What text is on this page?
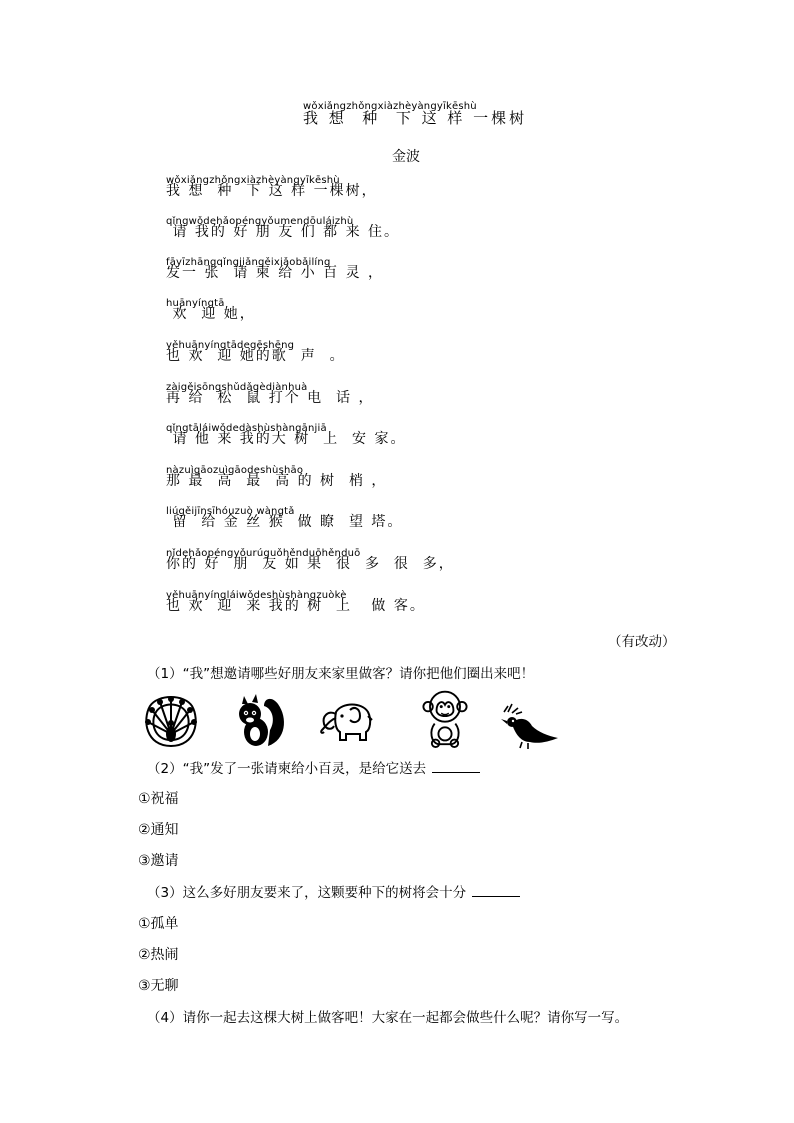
wǒxiǎngzhǒngxiàzhèyàngyīkēshù
我 想  种  下 这 样 一棵树
金波
wǒxiǎngzhǒngxiàzhèyàngyīkēshù
我 想  种  下 这 样 一棵树，
qǐngwǒdehǎopéngyǒumendōuláizhù
请 我的 好 朋 友 们 都 来 住。
fāyīzhāngqǐngjiǎngěixiǎobǎilíng
发一 张  请 柬 给 小 百 灵 ，
huānyíngtā
欢  迎 她，
yěhuānyíngtādegēshēng
也 欢  迎 她的歌  声  。
zàigěisōngshǔdǎgèdiànhuà
再 给  松  鼠 打个 电  话 ，
qǐngtāláiwǒdedàshùshàngānjiā
请 他 来 我的大 树  上  安 家。
nàzuìgāozuìgāodeshùshāo
那 最  高  最  高 的 树  梢 ，
liúgěijīnsīhóuzuò wàngtǎ
留  给 金 丝 猴  做 瞭  望 塔。
nǐdehǎopéngyǒurúguǒhěnduōhěnduō
你的 好  朋  友 如 果  很  多  很  多，
yěhuānyíngláiwǒdeshùshàngzuòkè
也 欢  迎  来 我的 树  上   做 客。
（有改动）
（1）“我”想邀请哪些好朋友来家里做客？请你把他们圈出来吧！
（2）“我”发了一张请柬给小百灵，是给它送去
①祝福
②通知
③邀请
（3）这么多好朋友要来了，这颗要种下的树将会十分
①孤单
②热闹
③无聊
（4）请你一起去这棵大树上做客吧！大家在一起都会做些什么呢？请你写一写。
